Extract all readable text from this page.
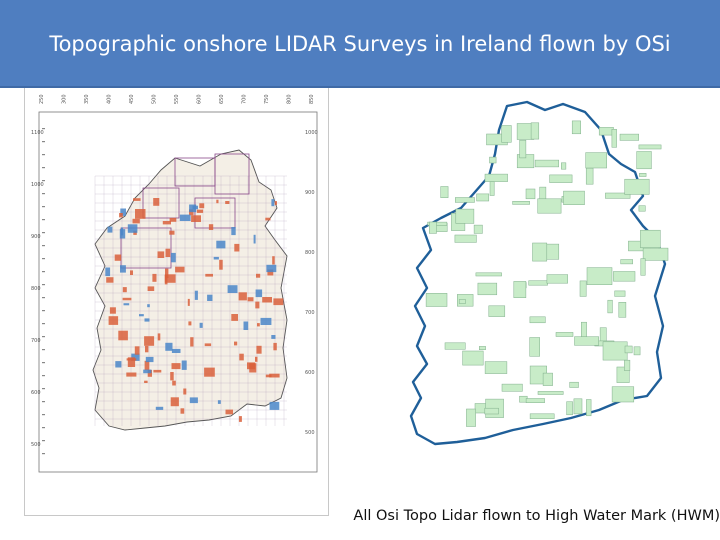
Topographic onshore LIDAR Surveys in Ireland flown by OSi
250	300	350	400	450	500	550	600	650	700	750	800	850
1100
1000
900
800
700
600
500
1000
900
800
700
600
500
All Osi Topo Lidar flown to High Water Mark (HWM)
